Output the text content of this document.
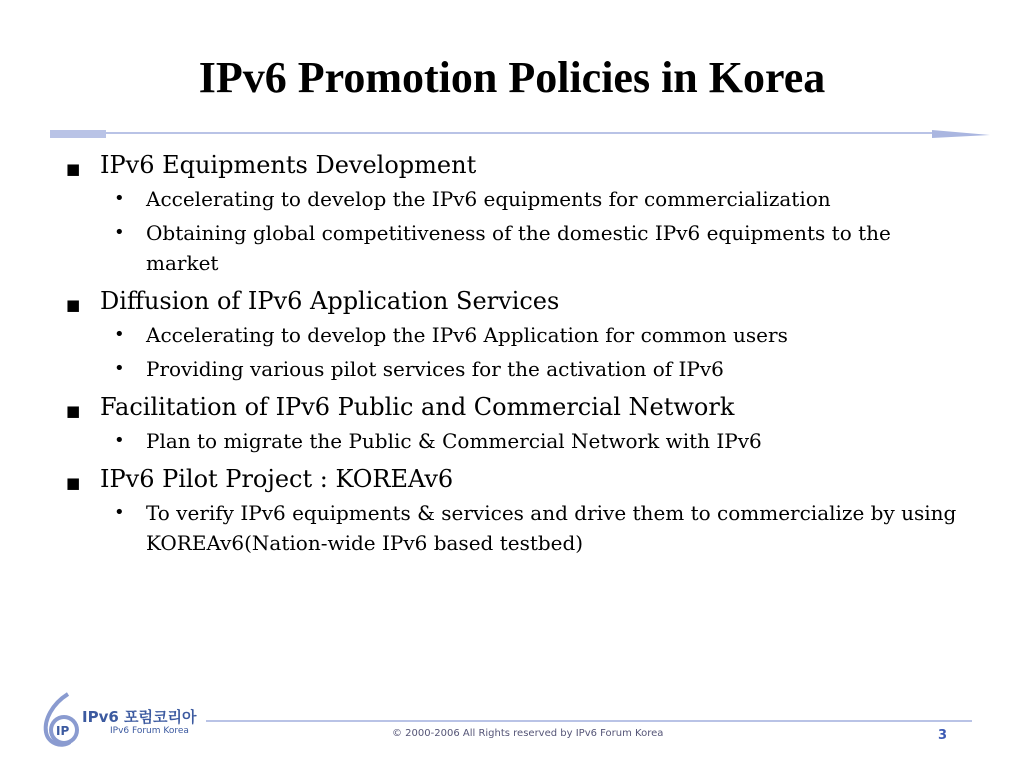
IPv6 Promotion Policies in Korea
■ IPv6 Equipments Development
• Accelerating to develop the IPv6 equipments for commercialization
• Obtaining global competitiveness of the domestic IPv6 equipments to the market
■ Diffusion of IPv6 Application Services
• Accelerating to develop the IPv6 Application for common users
• Providing various pilot services for the activation of IPv6
■ Facilitation of IPv6 Public and Commercial Network
• Plan to migrate the Public & Commercial Network with IPv6
■ IPv6 Pilot Project : KOREAv6
• To verify IPv6 equipments & services and drive them to commercialize by using KOREAv6(Nation-wide IPv6 based testbed)
IP
IPv6 포럼코리아
IPv6 Forum Korea	© 2000-2006 All Rights reserved by IPv6 Forum Korea	3
